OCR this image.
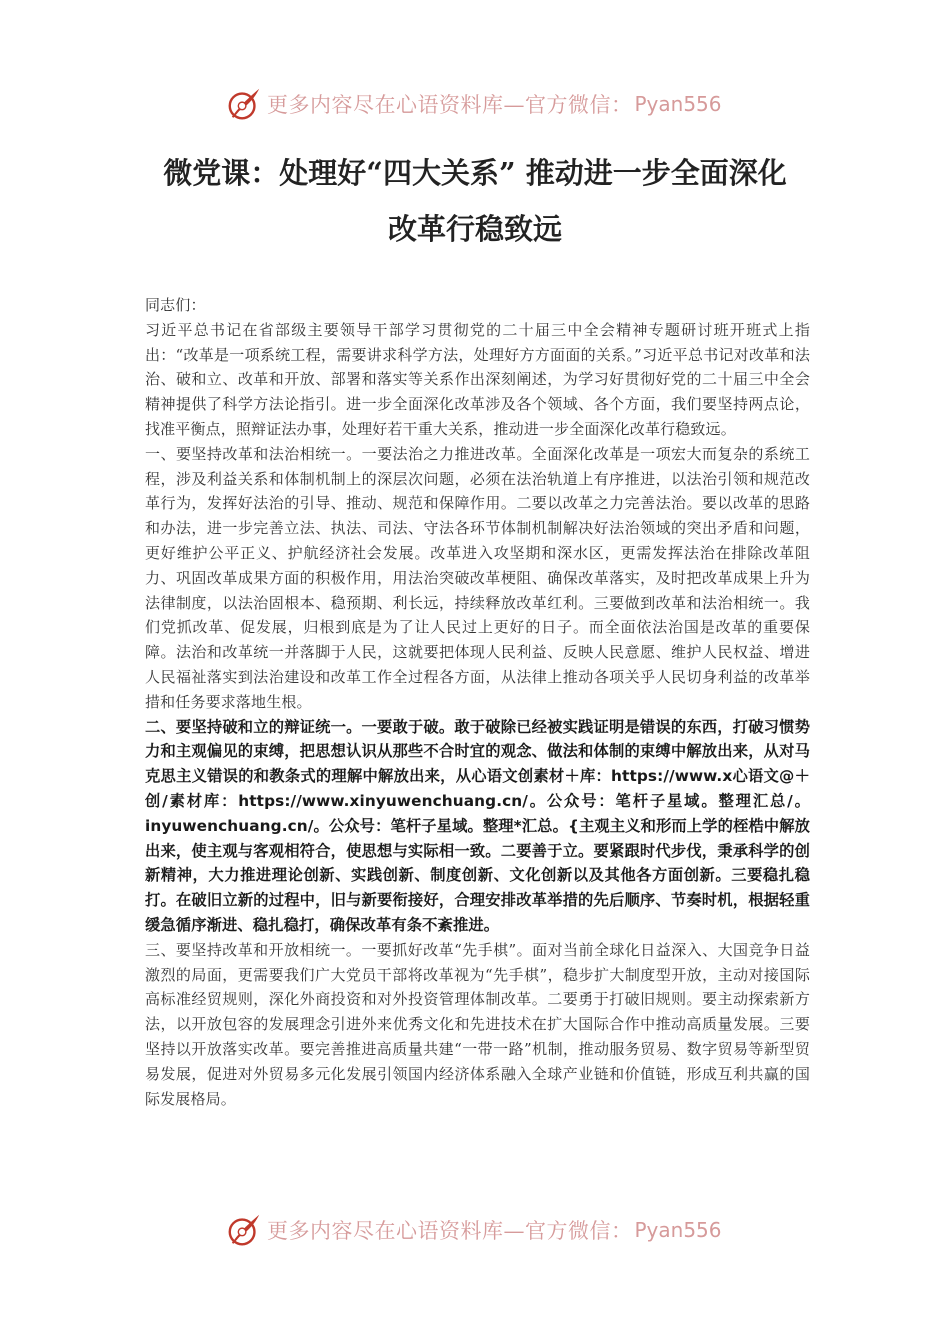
更多内容尽在心语资料库—官方微信： Pyan556
微党课：处理好“四大关系” 推动进一步全面深化
改革行稳致远

同志们：

习近平总书记在省部级主要领导干部学习贯彻党的二十届三中全会精神专题研讨班开班式上指出：“改革是一项系统工程，需要讲求科学方法，处理好方方面面的关系。”习近平总书记对改革和法治、破和立、改革和开放、部署和落实等关系作出深刻阐述，为学习好贯彻好党的二十届三中全会精神提供了科学方法论指引。进一步全面深化改革涉及各个领域、各个方面，我们要坚持两点论，找准平衡点，照辩证法办事，处理好若干重大关系，推动进一步全面深化改革行稳致远。

一、要坚持改革和法治相统一。一要法治之力推进改革。全面深化改革是一项宏大而复杂的系统工程，涉及利益关系和体制机制上的深层次问题，必须在法治轨道上有序推进，以法治引领和规范改革行为，发挥好法治的引导、推动、规范和保障作用。二要以改革之力完善法治。要以改革的思路和办法，进一步完善立法、执法、司法、守法各环节体制机制解决好法治领域的突出矛盾和问题，更好维护公平正义、护航经济社会发展。改革进入攻坚期和深水区，更需发挥法治在排除改革阻力、巩固改革成果方面的积极作用，用法治突破改革梗阻、确保改革落实，及时把改革成果上升为法律制度，以法治固根本、稳预期、利长远，持续释放改革红利。三要做到改革和法治相统一。我们党抓改革、促发展，归根到底是为了让人民过上更好的日子。而全面依法治国是改革的重要保障。法治和改革统一并落脚于人民，这就要把体现人民利益、反映人民意愿、维护人民权益、增进人民福祉落实到法治建设和改革工作全过程各方面，从法律上推动各项关乎人民切身利益的改革举措和任务要求落地生根。

二、要坚持破和立的辩证统一。一要敢于破。敢于破除已经被实践证明是错误的东西，打破习惯势力和主观偏见的束缚，把思想认识从那些不合时宜的观念、做法和体制的束缚中解放出来，从对马克思主义错误的和教条式的理解中解放出来，从心语文创素材＋库：https://www.x心语文@＋创/素材库：https://www.xinyuwenchuang.cn/。公众号：笔杆子星域。整理汇总/。inyuwenchuang.cn/。公众号：笔杆子星域。整理*汇总。{主观主义和形而上学的桎梏中解放出来，使主观与客观相符合，使思想与实际相一致。二要善于立。要紧跟时代步伐，秉承科学的创新精神，大力推进理论创新、实践创新、制度创新、文化创新以及其他各方面创新。三要稳扎稳打。在破旧立新的过程中，旧与新要衔接好，合理安排改革举措的先后顺序、节奏时机，根据轻重缓急循序渐进、稳扎稳打，确保改革有条不紊推进。

三、要坚持改革和开放相统一。一要抓好改革“先手棋”。面对当前全球化日益深入、大国竞争日益激烈的局面，更需要我们广大党员干部将改革视为“先手棋”，稳步扩大制度型开放，主动对接国际高标准经贸规则，深化外商投资和对外投资管理体制改革。二要勇于打破旧规则。要主动探索新方法，以开放包容的发展理念引进外来优秀文化和先进技术在扩大国际合作中推动高质量发展。三要坚持以开放落实改革。要完善推进高质量共建“一带一路”机制，推动服务贸易、数字贸易等新型贸易发展，促进对外贸易多元化发展引领国内经济体系融入全球产业链和价值链，形成互利共赢的国际发展格局。

更多内容尽在心语资料库—官方微信： Pyan556
